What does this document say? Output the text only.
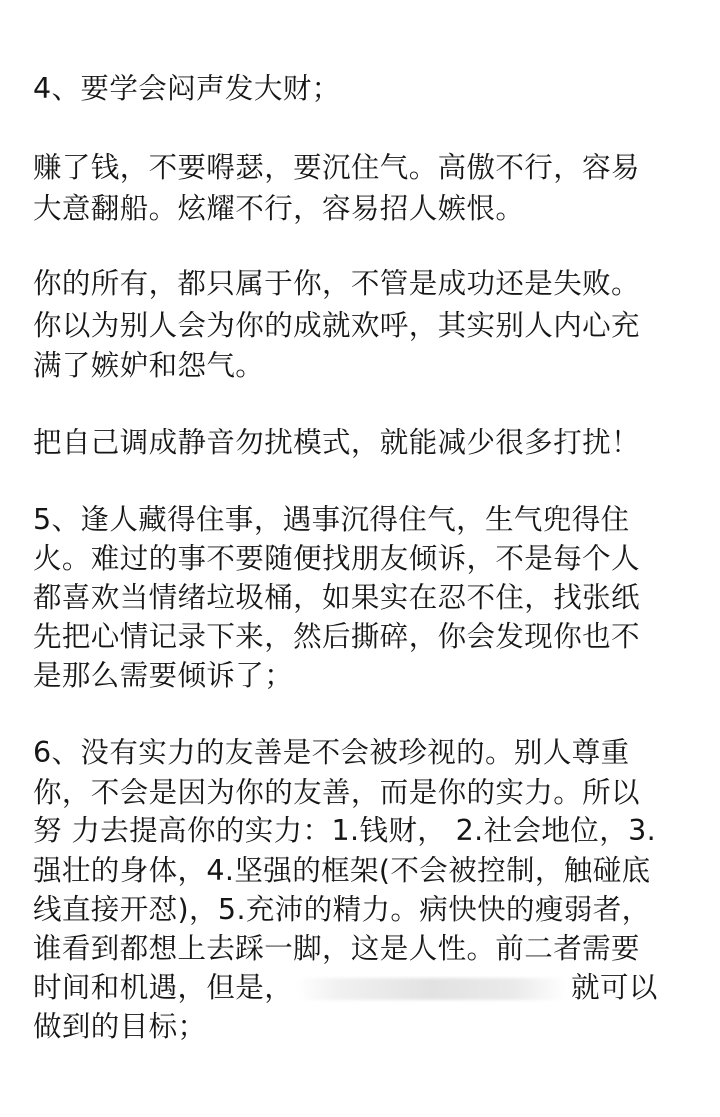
4、要学会闷声发大财；
赚了钱，不要嘚瑟，要沉住气。高傲不行，容易
大意翻船。炫耀不行，容易招人嫉恨。
你的所有，都只属于你，不管是成功还是失败。
你以为别人会为你的成就欢呼，其实别人内心充
满了嫉妒和怨气。
把自己调成静音勿扰模式，就能减少很多打扰！
5、逢人藏得住事，遇事沉得住气，生气兜得住
火。难过的事不要随便找朋友倾诉，不是每个人
都喜欢当情绪垃圾桶，如果实在忍不住，找张纸
先把心情记录下来，然后撕碎，你会发现你也不
是那么需要倾诉了；
6、没有实力的友善是不会被珍视的。别人尊重
你，不会是因为你的友善，而是你的实力。所以
努 力去提高你的实力：1.钱财， 2.社会地位，3.
强壮的身体，4.坚强的框架(不会被控制，触碰底
线直接开怼)，5.充沛的精力。病快快的瘦弱者，
谁看到都想上去踩一脚，这是人性。前二者需要
时间和机遇，但是，	就可以
做到的目标；
